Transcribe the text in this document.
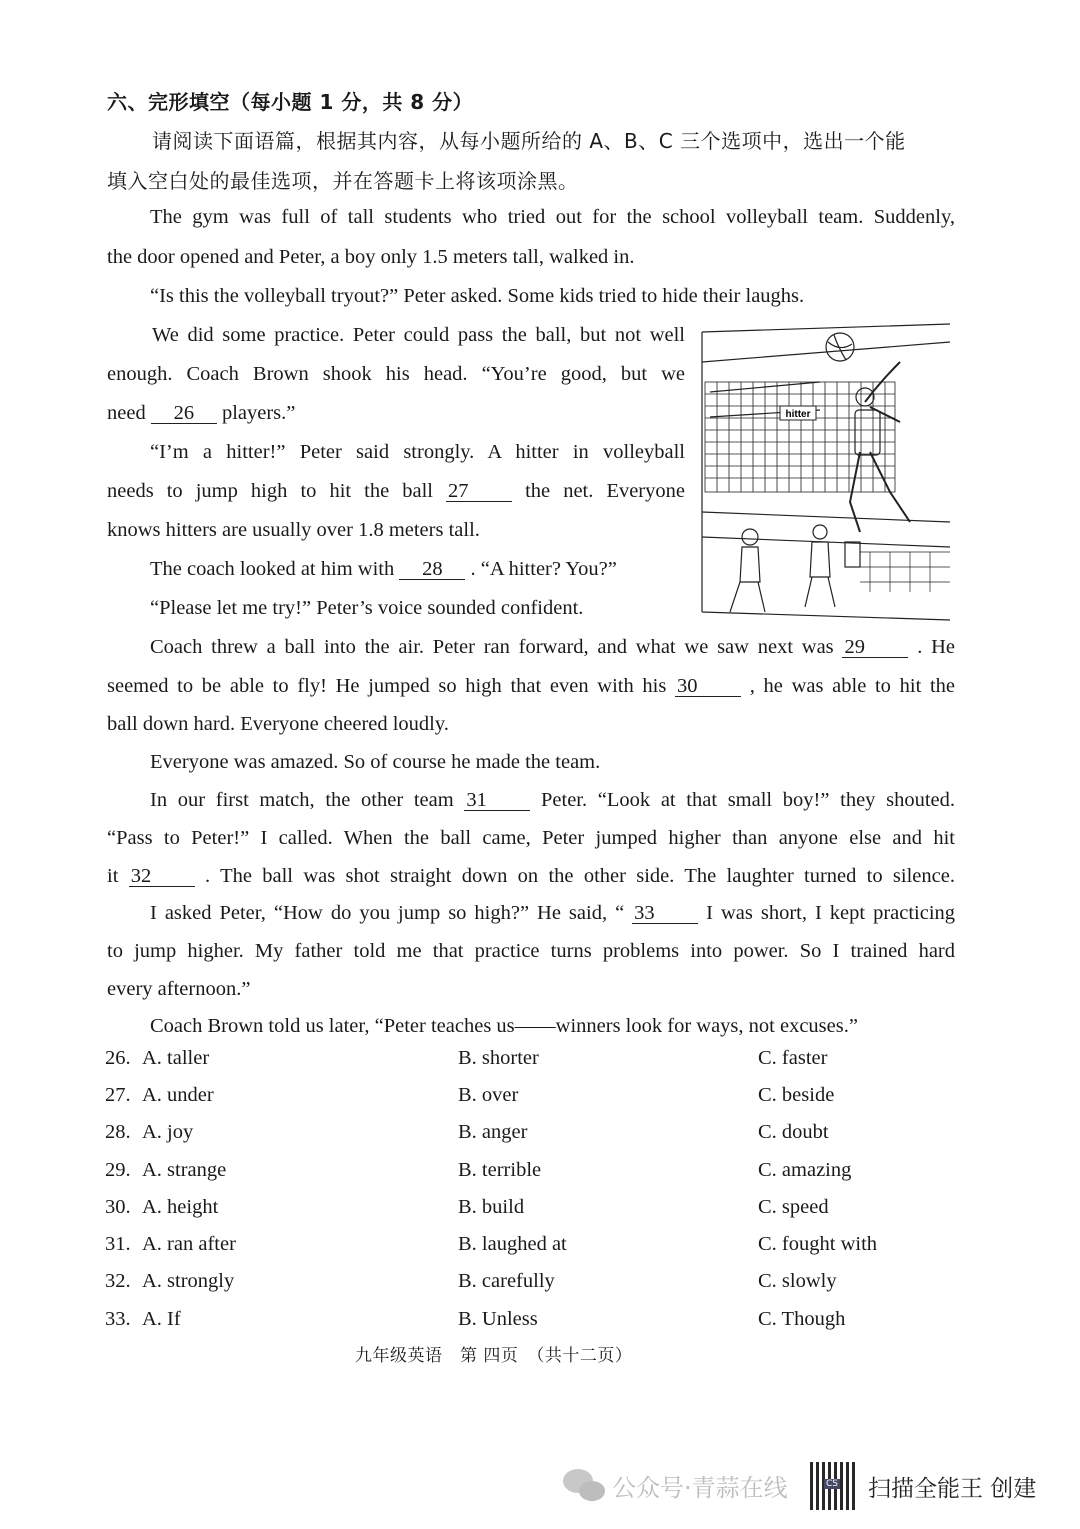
六、完形填空（每小题 1 分，共 8 分）
请阅读下面语篇，根据其内容，从每小题所给的 A、B、C 三个选项中，选出一个能
填入空白处的最佳选项，并在答题卡上将该项涂黑。
The gym was full of tall students who tried out for the school volleyball team. Suddenly,
the door opened and Peter, a boy only 1.5 meters tall, walked in.
“Is this the volleyball tryout?” Peter asked. Some kids tried to hide their laughs.
We did some practice. Peter could pass the ball, but not well
enough. Coach Brown shook his head. “You’re good, but we
need 26 players.”
“I’m a hitter!” Peter said strongly. A hitter in volleyball
needs to jump high to hit the ball 27	the net. Everyone
knows hitters are usually over 1.8 meters tall.
The coach looked at him with 28 . “A hitter? You?”
“Please let me try!” Peter’s voice sounded confident.
Coach threw a ball into the air. Peter ran forward, and what we saw next was 29	. He
seemed to be able to fly! He jumped so high that even with his 30	, he was able to hit the
ball down hard. Everyone cheered loudly.
Everyone was amazed. So of course he made the team.
In our first match, the other team 31	Peter. “Look at that small boy!” they shouted.
“Pass to Peter!” I called. When the ball came, Peter jumped higher than anyone else and hit
it 32	. The ball was shot straight down on the other side. The laughter turned to silence.
I asked Peter, “How do you jump so high?” He said, “ 33	I was short, I kept practicing
to jump higher. My father told me that practice turns problems into power. So I trained hard
every afternoon.”
Coach Brown told us later, “Peter teaches us——winners look for ways, not excuses.”
hitter
26. A. taller	B. shorter	C. faster
27. A. under	B. over	C. beside
28. A. joy	B. anger	C. doubt
29. A. strange	B. terrible	C. amazing
30. A. height	B. build	C. speed
31. A. ran after	B. laughed at	C. fought with
32. A. strongly	B. carefully	C. slowly
33. A. If	B. Unless	C. Though
九年级英语　第 四页　（共十二页）
公众号·青蒜在线	CS 扫描全能王 创建
